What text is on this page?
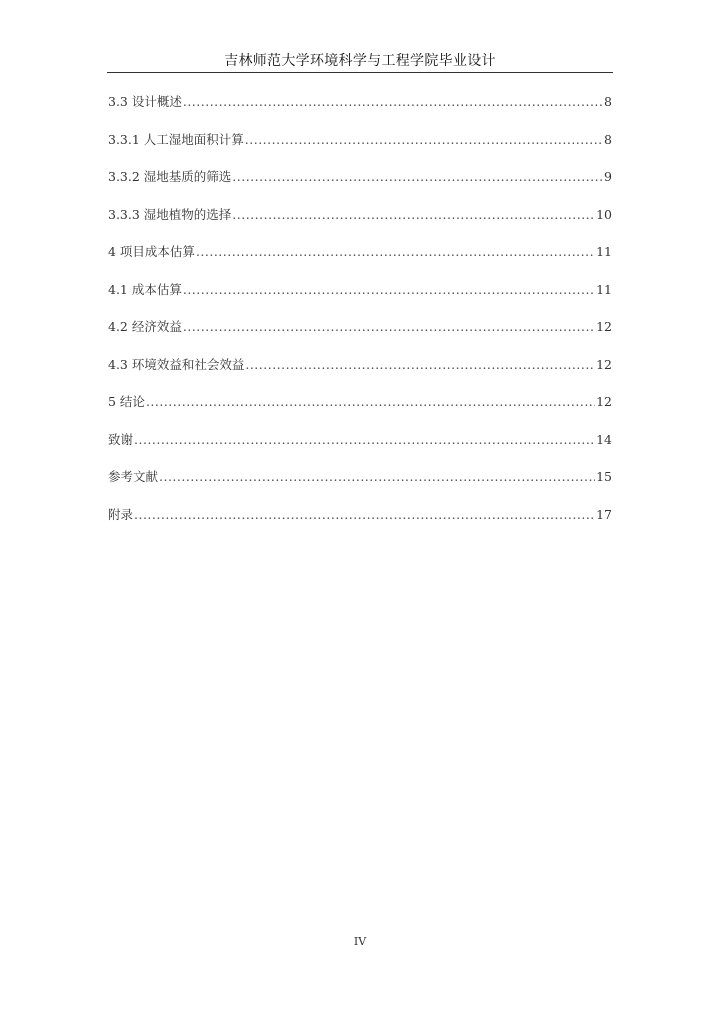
吉林师范大学环境科学与工程学院毕业设计
3.3 设计概述 .....	8
3.3.1 人工湿地面积计算 .....	8
3.3.2 湿地基质的筛选 .....	9
3.3.3 湿地植物的选择 .....	10
4 项目成本估算 .....	11
4.1 成本估算 .....	11
4.2 经济效益 .....	12
4.3 环境效益和社会效益 .....	12
5 结论 .....	12
致谢 .....	14
参考文献 .....	15
附录 .....	17
IV
